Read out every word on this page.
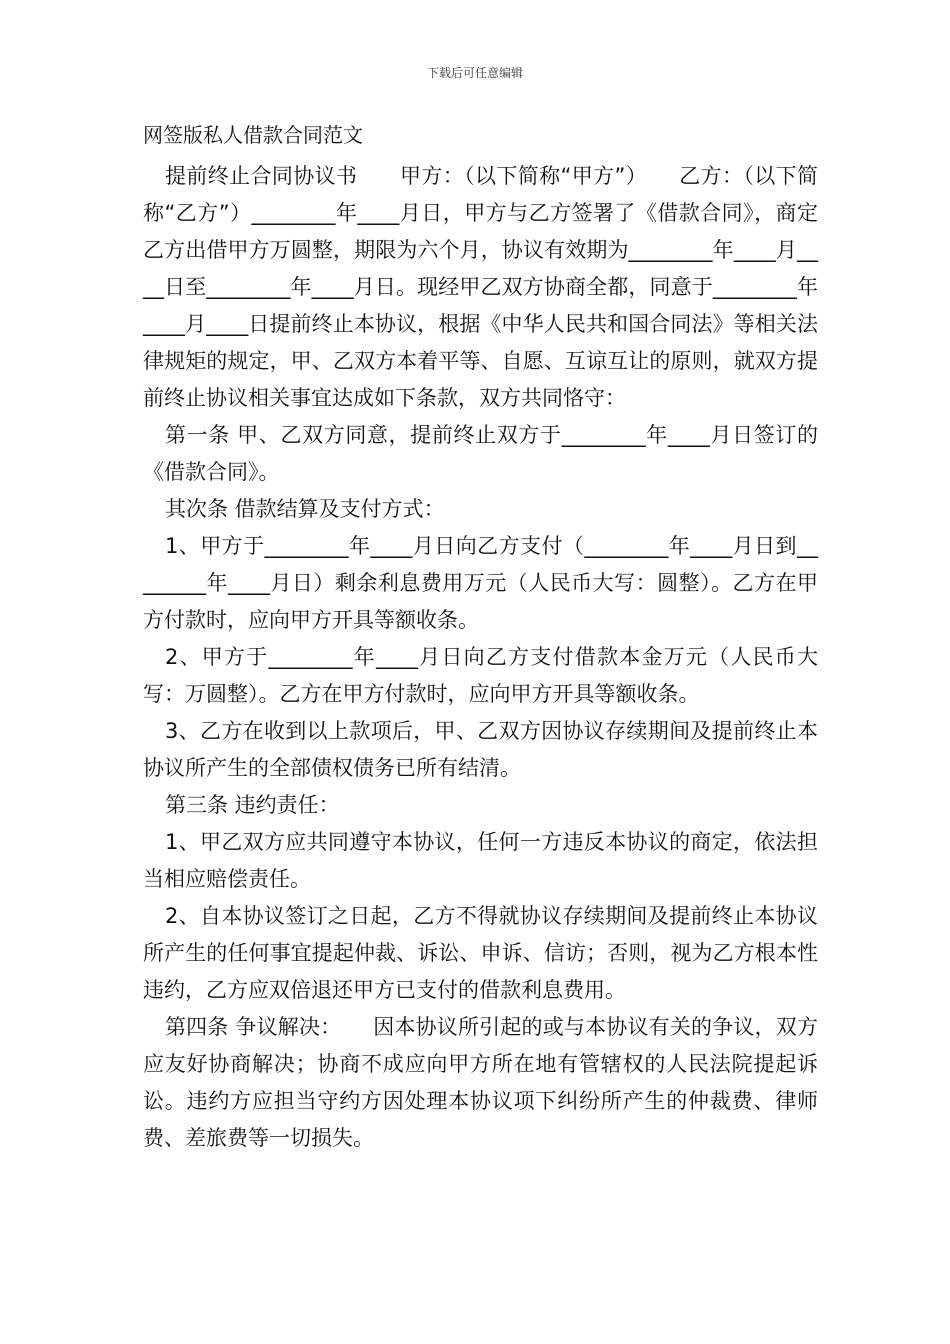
下载后可任意编辑
网签版私人借款合同范文

提前终止合同协议书　　甲方：（以下简称“甲方”）　　乙方：（以下简称“乙方”）________年____月日，甲方与乙方签署了《借款合同》，商定乙方出借甲方万圆整，期限为六个月，协议有效期为________年____月____日至________年____月日。现经甲乙双方协商全都，同意于________年____月____日提前终止本协议，根据《中华人民共和国合同法》等相关法律规矩的规定，甲、乙双方本着平等、自愿、互谅互让的原则，就双方提前终止协议相关事宜达成如下条款，双方共同恪守：

第一条 甲、乙双方同意，提前终止双方于________年____月日签订的《借款合同》。

其次条 借款结算及支付方式：

1、甲方于________年____月日向乙方支付（________年____月日到________年____月日）剩余利息费用万元（人民币大写：圆整）。乙方在甲方付款时，应向甲方开具等额收条。

2、甲方于________年____月日向乙方支付借款本金万元（人民币大写：万圆整）。乙方在甲方付款时，应向甲方开具等额收条。

3、乙方在收到以上款项后，甲、乙双方因协议存续期间及提前终止本协议所产生的全部债权债务已所有结清。

第三条 违约责任：

1、甲乙双方应共同遵守本协议，任何一方违反本协议的商定，依法担当相应赔偿责任。

2、自本协议签订之日起，乙方不得就协议存续期间及提前终止本协议所产生的任何事宜提起仲裁、诉讼、申诉、信访；否则，视为乙方根本性违约，乙方应双倍退还甲方已支付的借款利息费用。

第四条 争议解决：　　因本协议所引起的或与本协议有关的争议，双方应友好协商解决；协商不成应向甲方所在地有管辖权的人民法院提起诉讼。违约方应担当守约方因处理本协议项下纠纷所产生的仲裁费、律师费、差旅费等一切损失。
